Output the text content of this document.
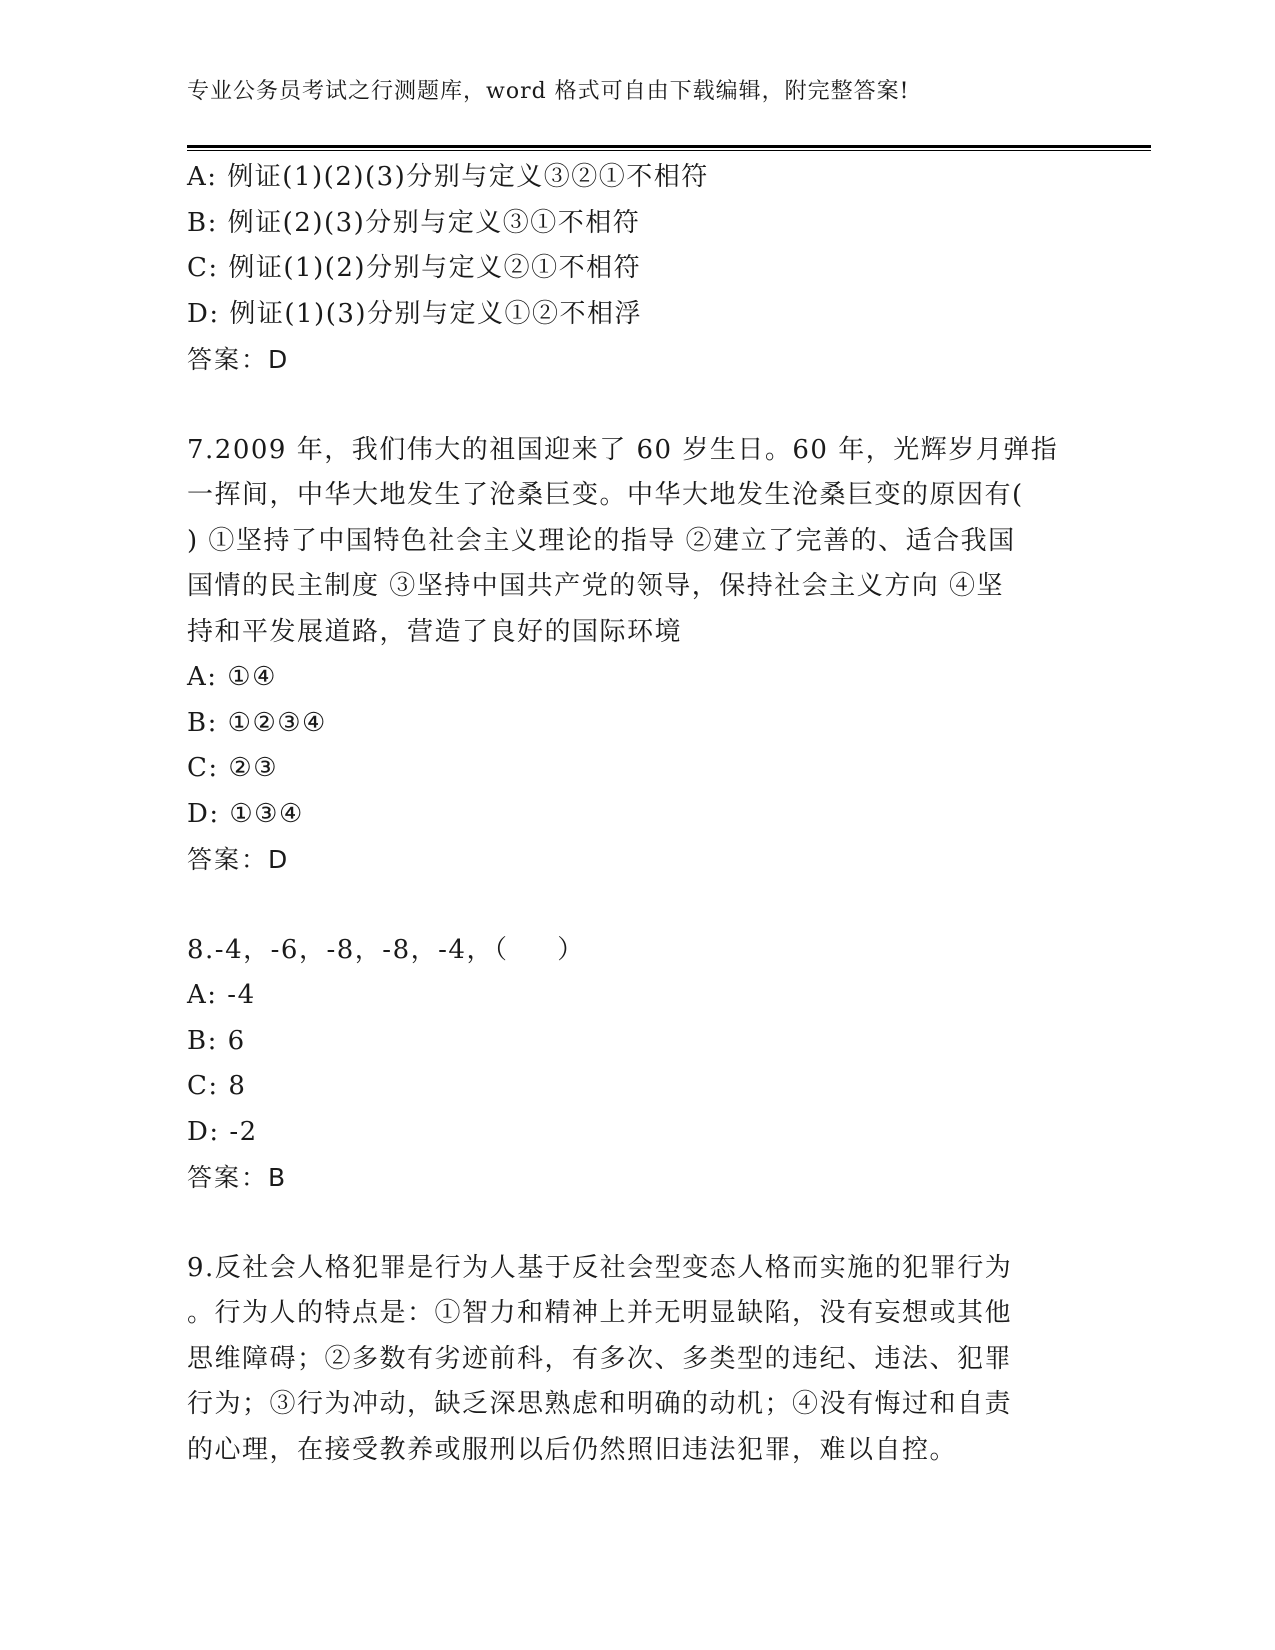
专业公务员考试之行测题库，word 格式可自由下载编辑，附完整答案!
A: 例证(1)(2)(3)分别与定义③②①不相符
B: 例证(2)(3)分别与定义③①不相符
C: 例证(1)(2)分别与定义②①不相符
D: 例证(1)(3)分别与定义①②不相浮
答案：D
7.2009 年，我们伟大的祖国迎来了 60 岁生日。60 年，光辉岁月弹指
一挥间，中华大地发生了沧桑巨变。中华大地发生沧桑巨变的原因有(
) ①坚持了中国特色社会主义理论的指导 ②建立了完善的、适合我国
国情的民主制度 ③坚持中国共产党的领导，保持社会主义方向 ④坚
持和平发展道路，营造了良好的国际环境
A: ①④
B: ①②③④
C: ②③
D: ①③④
答案：D
8.-4，-6，-8，-8，-4，（     ）
A: -4
B: 6
C: 8
D: -2
答案：B
9.反社会人格犯罪是行为人基于反社会型变态人格而实施的犯罪行为
。行为人的特点是：①智力和精神上并无明显缺陷，没有妄想或其他
思维障碍；②多数有劣迹前科，有多次、多类型的违纪、违法、犯罪
行为；③行为冲动，缺乏深思熟虑和明确的动机；④没有悔过和自责
的心理，在接受教养或服刑以后仍然照旧违法犯罪，难以自控。
